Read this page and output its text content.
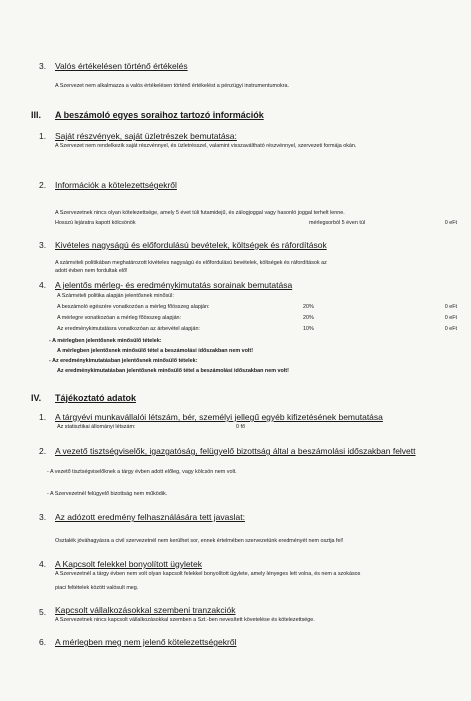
3. Valós értékelésen történő értékelés
A Szervezet nem alkalmazza a valós értékelésen történő értékelést a pénzügyi instrumentumokra.
III. A beszámoló egyes soraihoz tartozó információk
1. Saját részvények, saját üzletrészek bemutatása:
A Szervezet nem rendelkezik saját részvénnyel, és üzletrésszel, valamint visszaváltható részvénnyel, szervezeti formája okán.
2. Információk a kötelezettségekről
A Szervezetnek nincs olyan kötelezettsége, amely 5 évet túli futamidejű, és zálogjoggal vagy hasonló joggal terhelt lenne.
Hosszú lejáratra kapott kölcsönök	mérlegsorból 5 éven túl	0 eFt
3. Kivételes nagyságú és előfordulású bevételek, költségek és ráfordítások
A számviteli politikában meghatározott kivételes nagyságú és előfordulású bevételek, költségek és ráfordítások az
adott évben nem fordultak elő!
4. A jelentős mérleg- és eredménykimutatás sorainak bemutatása
A Számviteli politika alapján jelentősnek minősül:
A beszámoló egészére vonatkozóan a mérleg főösszeg alapján:	20%	0 eFt
A mérlegre vonatkozóan a mérleg főösszeg alapján:	20%	0 eFt
Az eredménykimutatásra vonatkozóan az árbevétel alapján:	10%	0 eFt
- A mérlegben jelentősnek minősülő tételek:
A mérlegben jelentősnek minősülő tétel a beszámolási időszakban nem volt!
- Az eredménykimutatásban jelentősnek minősülő tételek:
Az eredménykimutatásban jelentősnek minősülő tétel a beszámolási időszakban nem volt!
IV. Tájékoztató adatok
1. A tárgyévi munkavállalói létszám, bér, személyi jellegű egyéb kifizetésének bemutatása
Az statisztikai állományi létszám:	0 fő
2. A vezető tisztségviselők, igazgatóság, felügyelő bizottság által a beszámolási időszakban felvett
- A vezető tisztségviselőknek a tárgy évben adott előleg, vagy kölcsön nem volt.
- A Szervezetnél felügyelő bizottság nem működik.
3. Az adózott eredmény felhasználására tett javaslat:
Osztalék jóváhagyásra a civil szervezetnél nem kerülhet sor, ennek értelmében szervezetünk eredményét nem osztja fel!
4. A Kapcsolt felekkel bonyolított ügyletek
A Szervezetnél a tárgy évben nem volt olyan kapcsolt felekkel bonyolított ügylete, amely lényeges lett volna, és nem a szokásos
piaci feltételek között valósult meg.
5. Kapcsolt vállalkozásokkal szembeni tranzakciók
A Szervezetnek nincs kapcsolt vállalkozásokkal szemben a Szt.-ben nevesített követelése és kötelezettsége.
6. A mérlegben meg nem jelenő kötelezettségekről
